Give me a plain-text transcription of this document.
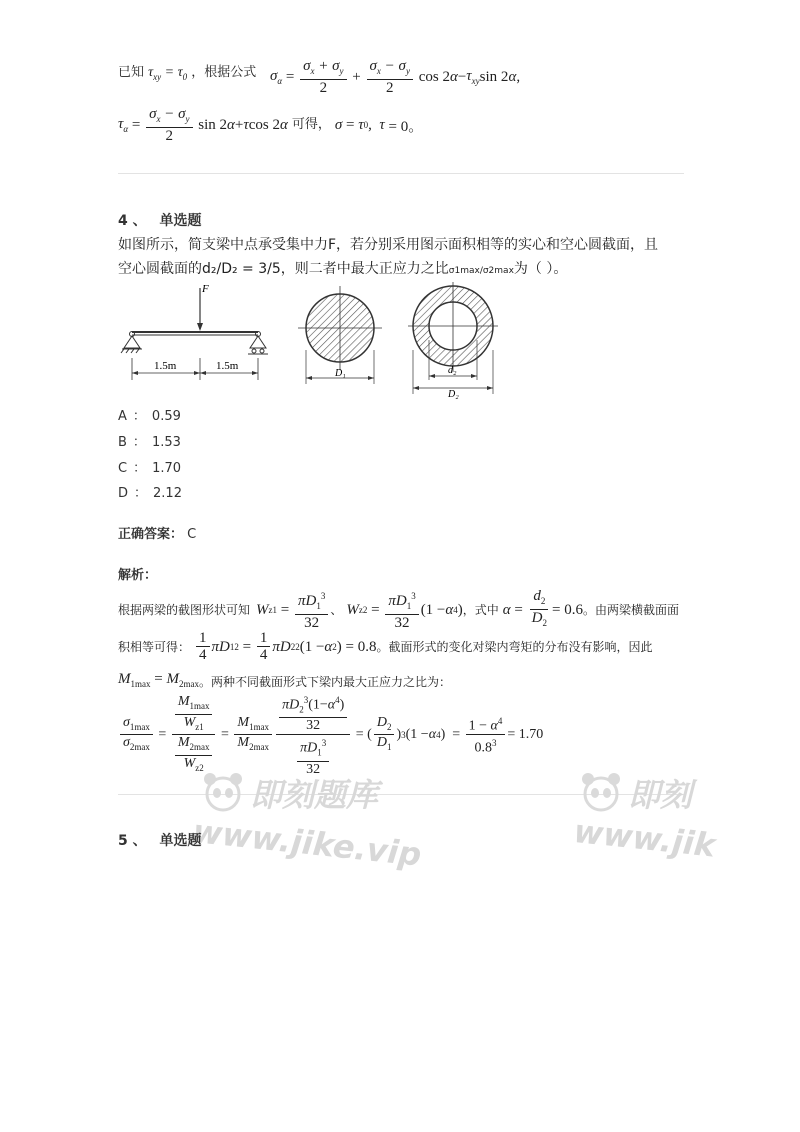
已知 $\tau_{xy} = \tau_0$ ，根据公式 $\sigma_\alpha = \frac{\sigma_x + \sigma_y}{2} + \frac{\sigma_x - \sigma_y}{2}$ cos 2 $\alpha - \tau_{xy}$ sin 2 α ,
$\tau_\alpha = \frac{\sigma_x - \sigma_y}{2}$ sin 2 α + τ cos 2 α 可得， σ = τ 0 , τ = 0。
4 、 单选题
如图所示，简支梁中点承受集中力F，若分别采用图示面积相等的实心和空心圆截面，且
空心圆截面的d₂/D₂ = 3/5，则二者中最大正应力之比σ1max/σ2max为（ ）。
F
1.5m	1.5m
D₁	d₂
D₂
A ： 0.59
B ： 1.53
C ： 1.70
D ： 2.12
正确答案： C
解析：
根据两梁的截图形状可知 W $z1 = \frac{\pi D_1^3}{32}$ 、 W $z2 = \frac{\pi D_1^3}{32} (1 - \alpha$ 4 ) ，式中 $\alpha = \frac{d_2}{D_2} = 0.6$ 。由两梁横截面面
积相等可得： $\frac{1}{4}$ πD 1 $2 = \frac{1}{4}$ πD 2 2 (1 − α 2 ) = 0.8 。截面形式的变化对梁内弯矩的分布没有影响，因此
$M_{1max} = M_{2max}$ 。两种不同截面形式下梁内最大正应力之比为：
$\frac{\sigma_{1max}}{\sigma_{2max}} = \frac{\frac{M_{1max}}{W_{z1}}}{\frac{M_{2max}}{W_{z2}}} = \frac{M_{1max}}{M_{2max}} \frac{\frac{\pi D_2^3(1-\alpha^4)}{32}}{\frac{\pi D_1^3}{32}}$ = ( $\frac{D_2}{D_1}$ ) 3 (1 − α 4 )  = $\frac{1 - \alpha^4}{0.8^3} = 1.70$
即刻题库
www.jike.vip
即刻
www.jik
5 、 单选题
